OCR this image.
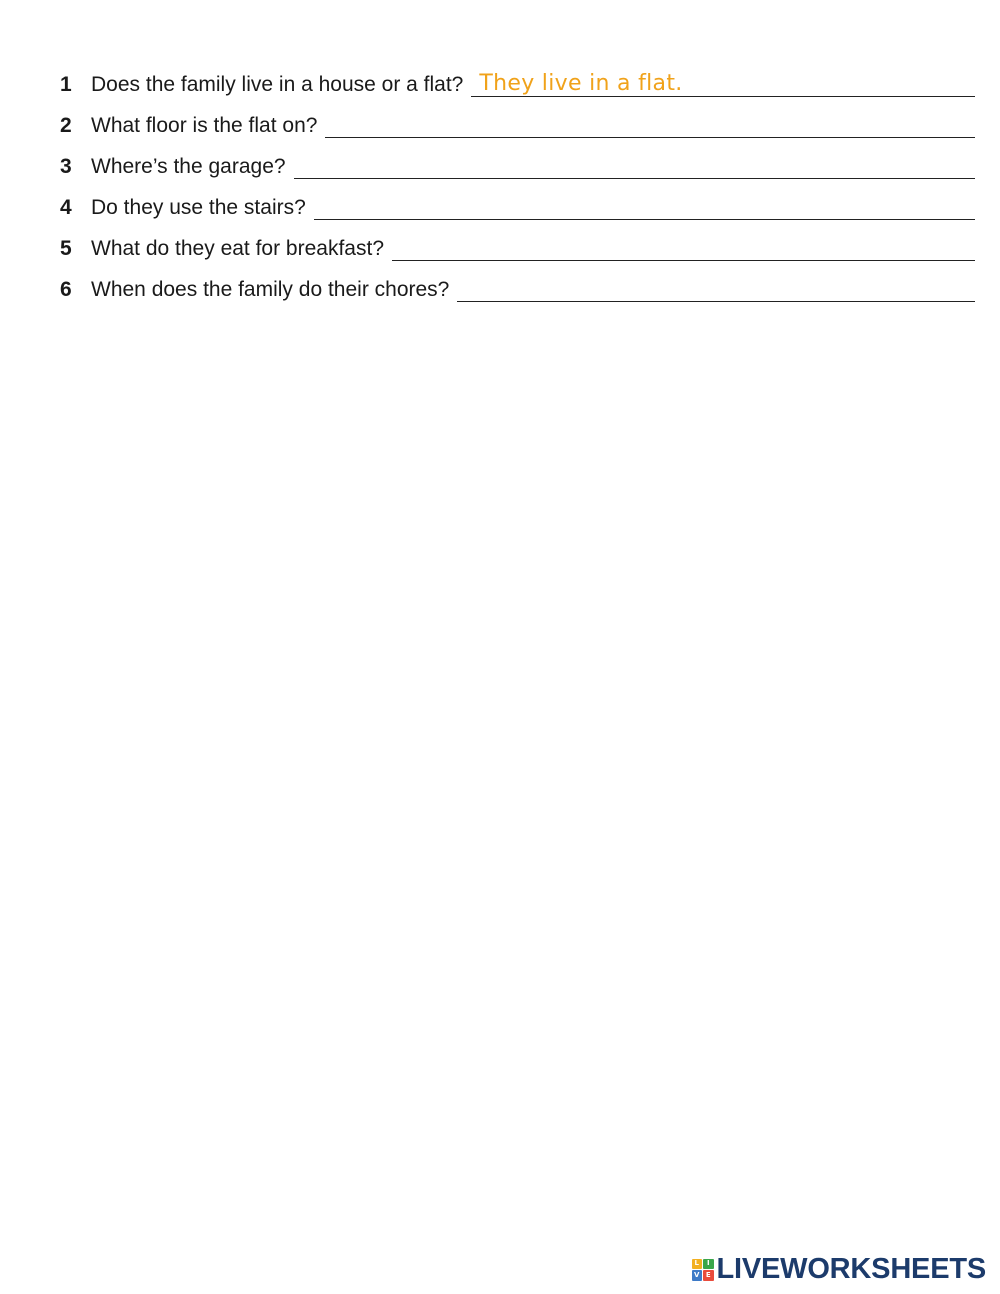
1 Does the family live in a house or a flat? They live in a flat.
2 What floor is the flat on?
3 Where’s the garage?
4 Do they use the stairs?
5 What do they eat for breakfast?
6 When does the family do their chores?
L	I
V E LIVEWORKSHEETS
